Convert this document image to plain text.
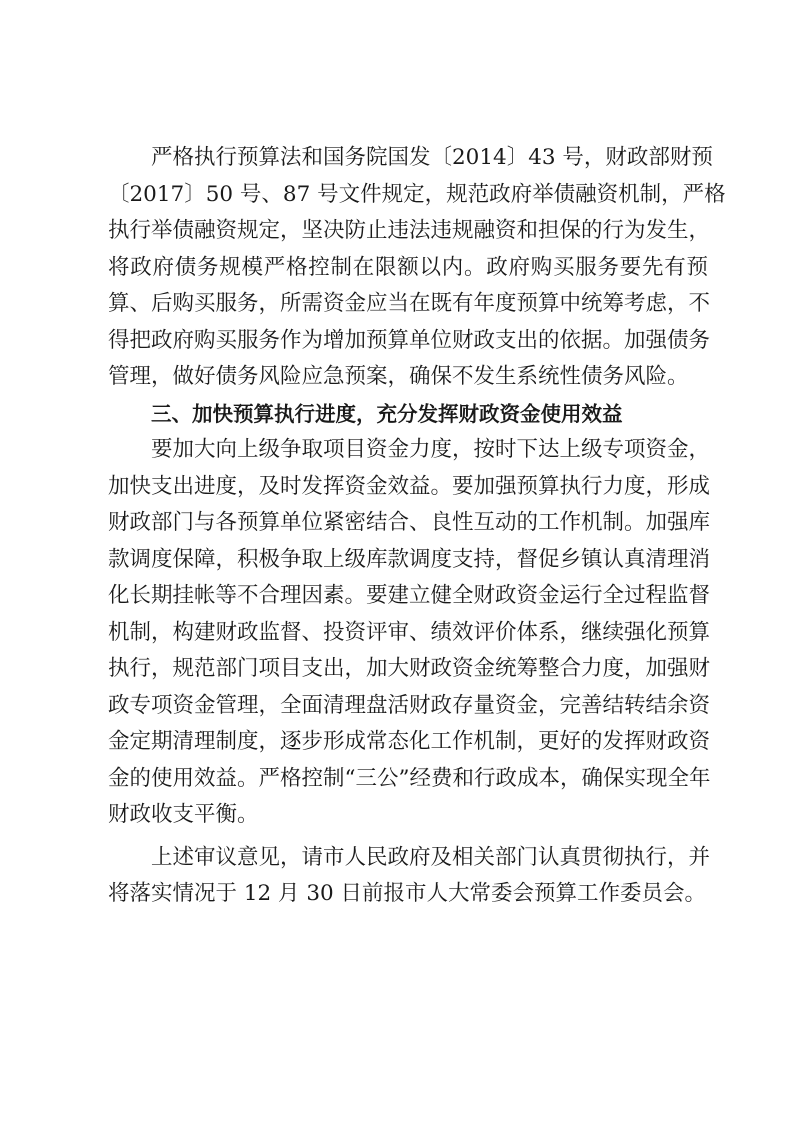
严格执行预算法和国务院国发〔2014〕43 号，财政部财预
〔2017〕50 号、87 号文件规定，规范政府举债融资机制，严格
执行举债融资规定，坚决防止违法违规融资和担保的行为发生，
将政府债务规模严格控制在限额以内。政府购买服务要先有预
算、后购买服务，所需资金应当在既有年度预算中统筹考虑，不
得把政府购买服务作为增加预算单位财政支出的依据。加强债务
管理，做好债务风险应急预案，确保不发生系统性债务风险。
三、加快预算执行进度，充分发挥财政资金使用效益
要加大向上级争取项目资金力度，按时下达上级专项资金，
加快支出进度，及时发挥资金效益。要加强预算执行力度，形成
财政部门与各预算单位紧密结合、良性互动的工作机制。加强库
款调度保障，积极争取上级库款调度支持，督促乡镇认真清理消
化长期挂帐等不合理因素。要建立健全财政资金运行全过程监督
机制，构建财政监督、投资评审、绩效评价体系，继续强化预算
执行，规范部门项目支出，加大财政资金统筹整合力度，加强财
政专项资金管理，全面清理盘活财政存量资金，完善结转结余资
金定期清理制度，逐步形成常态化工作机制，更好的发挥财政资
金的使用效益。严格控制“三公”经费和行政成本，确保实现全年
财政收支平衡。
上述审议意见，请市人民政府及相关部门认真贯彻执行，并
将落实情况于 12 月 30 日前报市人大常委会预算工作委员会。
